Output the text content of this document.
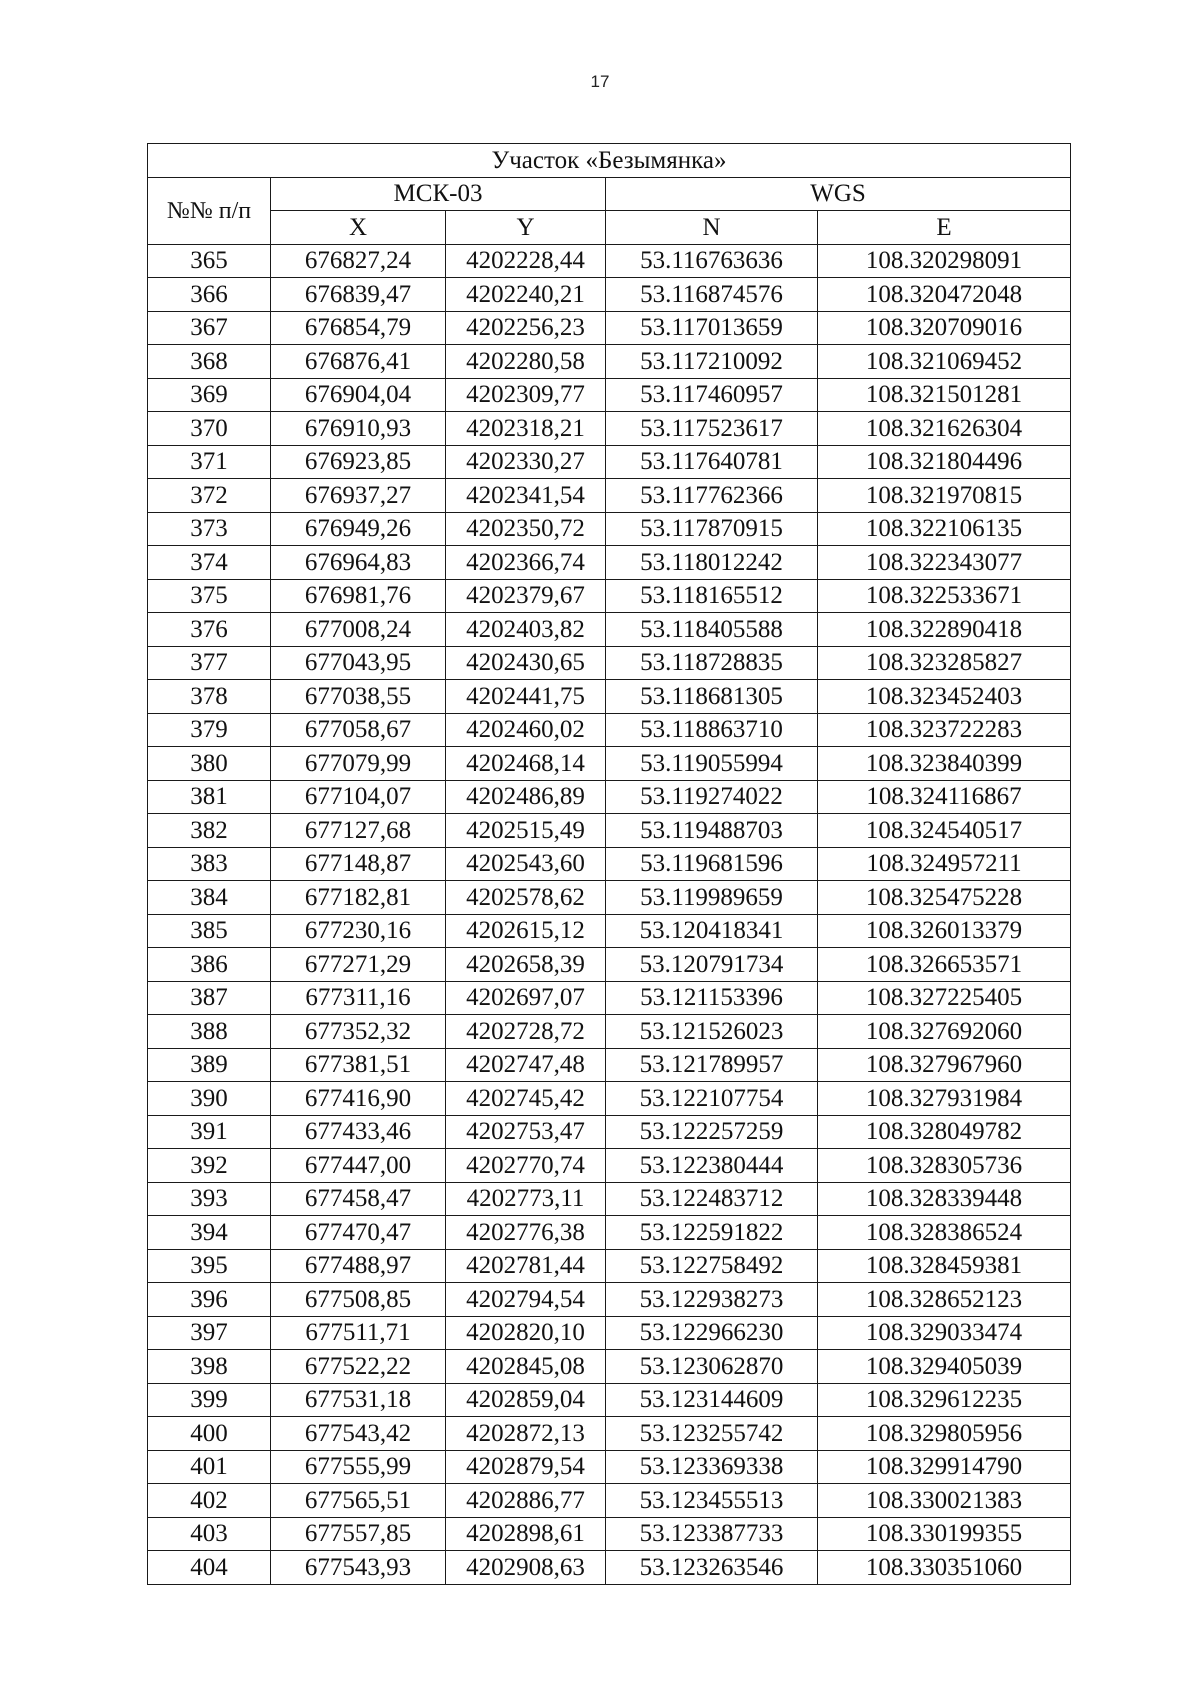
17
Участок «Безымянка»				
№№ п/п	МСК-03		WGS	
	X	Y	N	E
365	676827,24	4202228,44	53.116763636	108.320298091
366	676839,47	4202240,21	53.116874576	108.320472048
367	676854,79	4202256,23	53.117013659	108.320709016
368	676876,41	4202280,58	53.117210092	108.321069452
369	676904,04	4202309,77	53.117460957	108.321501281
370	676910,93	4202318,21	53.117523617	108.321626304
371	676923,85	4202330,27	53.117640781	108.321804496
372	676937,27	4202341,54	53.117762366	108.321970815
373	676949,26	4202350,72	53.117870915	108.322106135
374	676964,83	4202366,74	53.118012242	108.322343077
375	676981,76	4202379,67	53.118165512	108.322533671
376	677008,24	4202403,82	53.118405588	108.322890418
377	677043,95	4202430,65	53.118728835	108.323285827
378	677038,55	4202441,75	53.118681305	108.323452403
379	677058,67	4202460,02	53.118863710	108.323722283
380	677079,99	4202468,14	53.119055994	108.323840399
381	677104,07	4202486,89	53.119274022	108.324116867
382	677127,68	4202515,49	53.119488703	108.324540517
383	677148,87	4202543,60	53.119681596	108.324957211
384	677182,81	4202578,62	53.119989659	108.325475228
385	677230,16	4202615,12	53.120418341	108.326013379
386	677271,29	4202658,39	53.120791734	108.326653571
387	677311,16	4202697,07	53.121153396	108.327225405
388	677352,32	4202728,72	53.121526023	108.327692060
389	677381,51	4202747,48	53.121789957	108.327967960
390	677416,90	4202745,42	53.122107754	108.327931984
391	677433,46	4202753,47	53.122257259	108.328049782
392	677447,00	4202770,74	53.122380444	108.328305736
393	677458,47	4202773,11	53.122483712	108.328339448
394	677470,47	4202776,38	53.122591822	108.328386524
395	677488,97	4202781,44	53.122758492	108.328459381
396	677508,85	4202794,54	53.122938273	108.328652123
397	677511,71	4202820,10	53.122966230	108.329033474
398	677522,22	4202845,08	53.123062870	108.329405039
399	677531,18	4202859,04	53.123144609	108.329612235
400	677543,42	4202872,13	53.123255742	108.329805956
401	677555,99	4202879,54	53.123369338	108.329914790
402	677565,51	4202886,77	53.123455513	108.330021383
403	677557,85	4202898,61	53.123387733	108.330199355
404	677543,93	4202908,63	53.123263546	108.330351060
